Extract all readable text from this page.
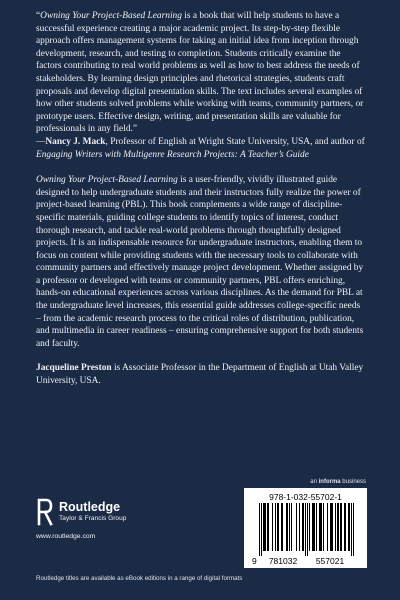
“Owning Your Project-Based Learning is a book that will help students to have a successful experience creating a major academic project. Its step-by-step flexible approach offers management systems for taking an initial idea from inception through development, research, and testing to completion. Students critically examine the factors contributing to real world problems as well as how to best address the needs of stakeholders. By learning design principles and rhetorical strategies, students craft proposals and develop digital presentation skills. The text includes several examples of how other students solved problems while working with teams, community partners, or prototype users. Effective design, writing, and presentation skills are valuable for professionals in any field.”

—Nancy J. Mack, Professor of English at Wright State University, USA, and author of Engaging Writers with Multigenre Research Projects: A Teacher’s Guide

Owning Your Project-Based Learning is a user-friendly, vividly illustrated guide designed to help undergraduate students and their instructors fully realize the power of project-based learning (PBL). This book complements a wide range of discipline-specific materials, guiding college students to identify topics of interest, conduct thorough research, and tackle real-world problems through thoughtfully designed projects. It is an indispensable resource for undergraduate instructors, enabling them to focus on content while providing students with the necessary tools to collaborate with community partners and effectively manage project development. Whether assigned by a professor or developed with teams or community partners, PBL offers enriching, hands-on educational experiences across various disciplines. As the demand for PBL at the undergraduate level increases, this essential guide addresses college-specific needs – from the academic research process to the critical roles of distribution, publication, and multimedia in career readiness – ensuring comprehensive support for both students and faculty.

Jacqueline Preston is Associate Professor in the Department of English at Utah Valley University, USA.

Routledge
Taylor & Francis Group
www.routledge.com
an informa business
978-1-032-55702-1
9 781032 557021
Routledge titles are available as eBook editions in a range of digital formats
